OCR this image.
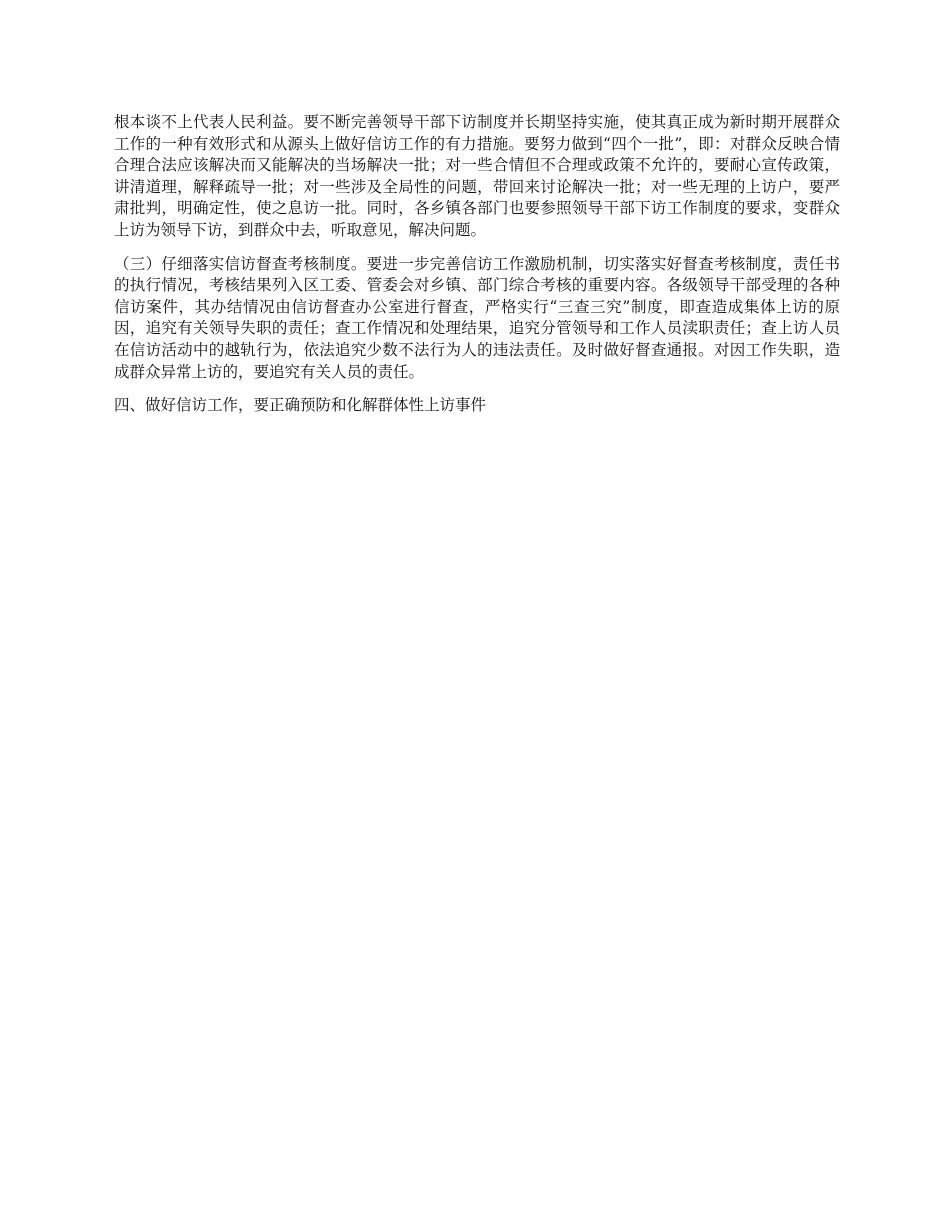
根本谈不上代表人民利益。要不断完善领导干部下访制度并长期坚持实施，使其真正成为新时期开展群众工作的一种有效形式和从源头上做好信访工作的有力措施。要努力做到“四个一批”，即：对群众反映合情合理合法应该解决而又能解决的当场解决一批；对一些合情但不合理或政策不允许的，要耐心宣传政策，讲清道理，解释疏导一批；对一些涉及全局性的问题，带回来讨论解决一批；对一些无理的上访户，要严肃批判，明确定性，使之息访一批。同时，各乡镇各部门也要参照领导干部下访工作制度的要求，变群众上访为领导下访，到群众中去，听取意见，解决问题。

（三）仔细落实信访督查考核制度。要进一步完善信访工作激励机制，切实落实好督查考核制度，责任书的执行情况，考核结果列入区工委、管委会对乡镇、部门综合考核的重要内容。各级领导干部受理的各种信访案件，其办结情况由信访督查办公室进行督查，严格实行“三查三究”制度，即查造成集体上访的原因，追究有关领导失职的责任；查工作情况和处理结果，追究分管领导和工作人员渎职责任；查上访人员在信访活动中的越轨行为，依法追究少数不法行为人的违法责任。及时做好督查通报。对因工作失职，造成群众异常上访的，要追究有关人员的责任。

四、做好信访工作，要正确预防和化解群体性上访事件
